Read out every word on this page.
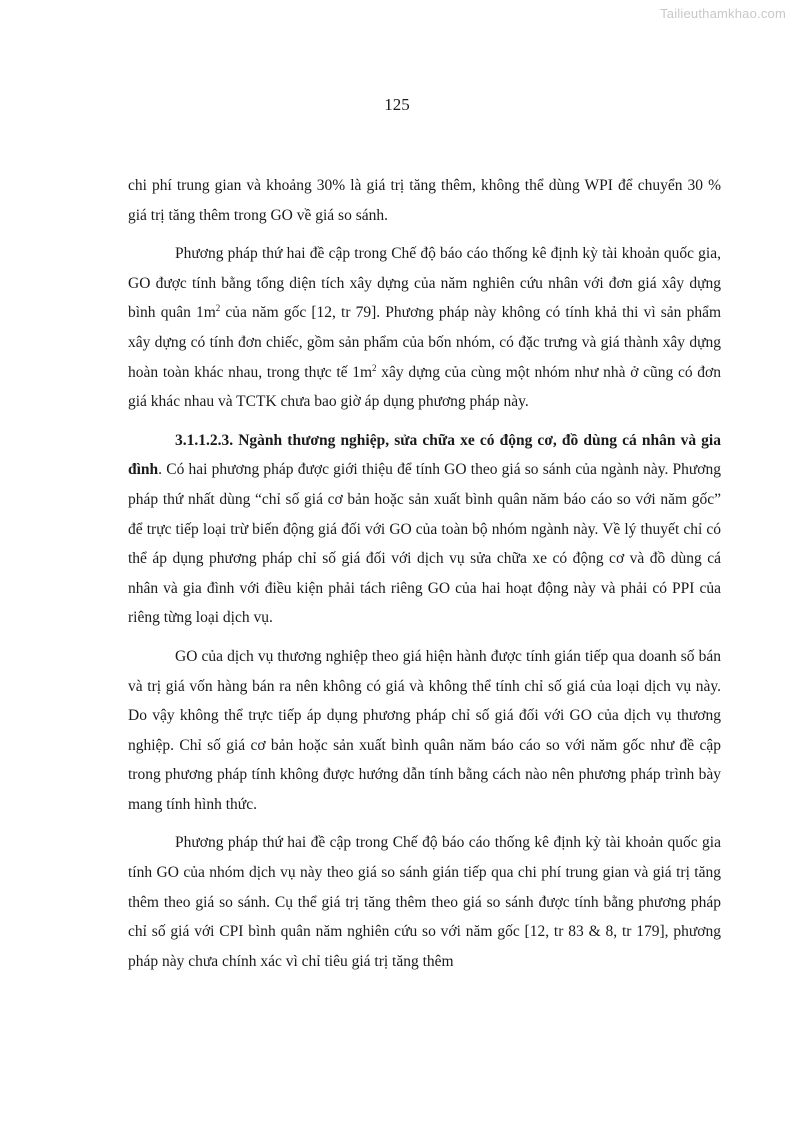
Tailieuthamkhao.com
125

chi phí trung gian và khoảng 30% là giá trị tăng thêm, không thể dùng WPI để chuyển 30 % giá trị tăng thêm trong GO về giá so sánh.

Phương pháp thứ hai đề cập trong Chế độ báo cáo thống kê định kỳ tài khoản quốc gia, GO được tính bằng tổng diện tích xây dựng của năm nghiên cứu nhân với đơn giá xây dựng bình quân $1m^2$ của năm gốc [12, tr 79]. Phương pháp này không có tính khả thi vì sản phẩm xây dựng có tính đơn chiếc, gồm sản phẩm của bốn nhóm, có đặc trưng và giá thành xây dựng hoàn toàn khác nhau, trong thực tế $1m^2$ xây dựng của cùng một nhóm như nhà ở cũng có đơn giá khác nhau và TCTK chưa bao giờ áp dụng phương pháp này.

3.1.1.2.3. Ngành thương nghiệp, sửa chữa xe có động cơ, đồ dùng cá nhân và gia đình. Có hai phương pháp được giới thiệu để tính GO theo giá so sánh của ngành này. Phương pháp thứ nhất dùng “chỉ số giá cơ bản hoặc sản xuất bình quân năm báo cáo so với năm gốc” để trực tiếp loại trừ biến động giá đối với GO của toàn bộ nhóm ngành này. Về lý thuyết chỉ có thể áp dụng phương pháp chỉ số giá đối với dịch vụ sửa chữa xe có động cơ và đồ dùng cá nhân và gia đình với điều kiện phải tách riêng GO của hai hoạt động này và phải có PPI của riêng từng loại dịch vụ.

GO của dịch vụ thương nghiệp theo giá hiện hành được tính gián tiếp qua doanh số bán và trị giá vốn hàng bán ra nên không có giá và không thể tính chỉ số giá của loại dịch vụ này. Do vậy không thể trực tiếp áp dụng phương pháp chỉ số giá đối với GO của dịch vụ thương nghiệp. Chỉ số giá cơ bản hoặc sản xuất bình quân năm báo cáo so với năm gốc như đề cập trong phương pháp tính không được hướng dẫn tính bằng cách nào nên phương pháp trình bày mang tính hình thức.

Phương pháp thứ hai đề cập trong Chế độ báo cáo thống kê định kỳ tài khoản quốc gia tính GO của nhóm dịch vụ này theo giá so sánh gián tiếp qua chi phí trung gian và giá trị tăng thêm theo giá so sánh. Cụ thể giá trị tăng thêm theo giá so sánh được tính bằng phương pháp chỉ số giá với CPI bình quân năm nghiên cứu so với năm gốc [12, tr 83 & 8, tr 179], phương pháp này chưa chính xác vì chỉ tiêu giá trị tăng thêm
